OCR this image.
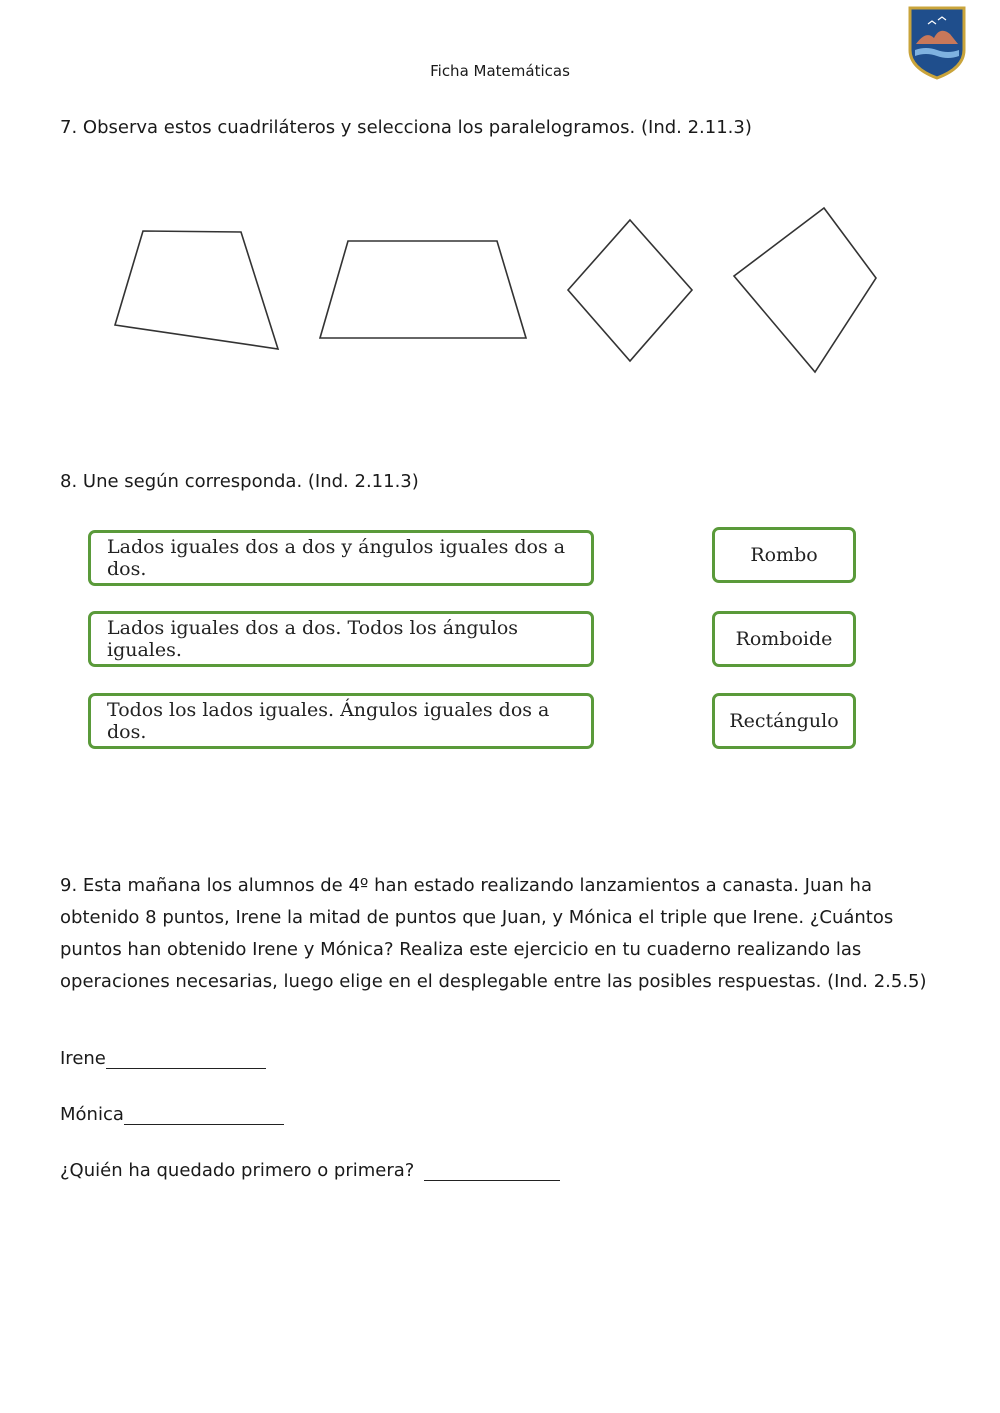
Ficha Matemáticas
7. Observa estos cuadriláteros y selecciona los paralelogramos. (Ind. 2.11.3)
8. Une según corresponda. (Ind. 2.11.3)
Lados iguales dos a dos y ángulos iguales dos a dos.
Lados iguales dos a dos. Todos los ángulos iguales.
Todos los lados iguales. Ángulos iguales dos a dos.
Rombo
Romboide
Rectángulo
9. Esta mañana los alumnos de 4º han estado realizando lanzamientos a canasta. Juan ha obtenido 8 puntos, Irene la mitad de puntos que Juan, y Mónica el triple que Irene. ¿Cuántos puntos han obtenido Irene y Mónica? Realiza este ejercicio en tu cuaderno realizando las operaciones necesarias, luego elige en el desplegable entre las posibles respuestas. (Ind. 2.5.5)
Irene
Mónica
¿Quién ha quedado primero o primera?
